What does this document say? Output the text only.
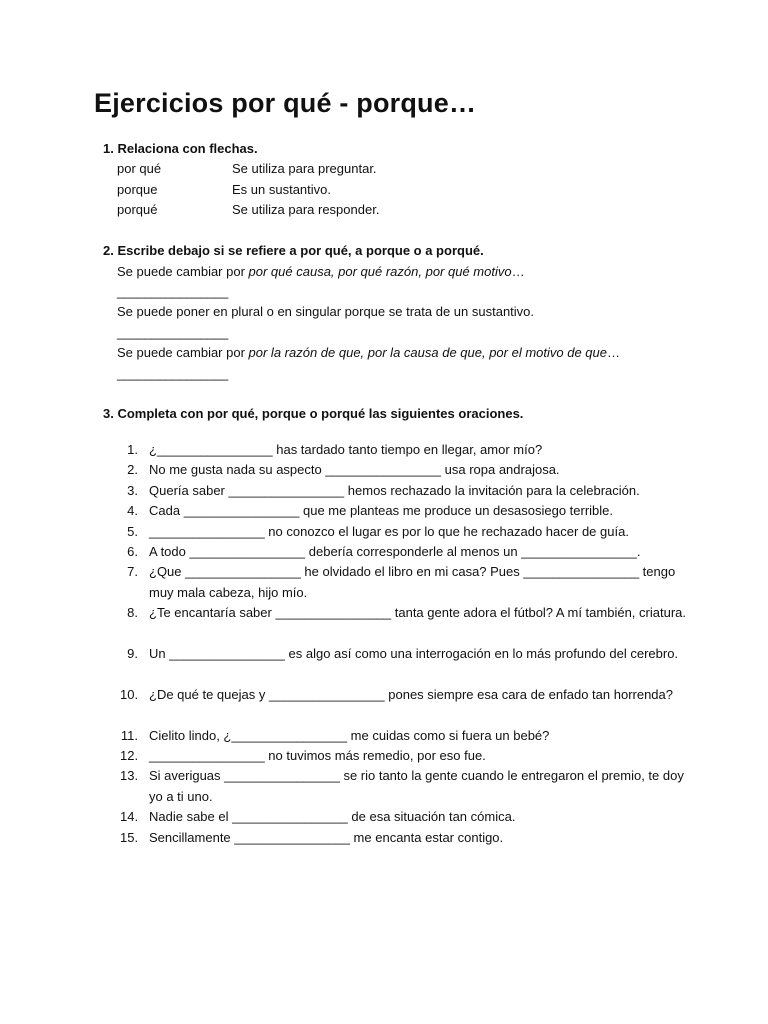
Ejercicios por qué - porque…
1. Relaciona con flechas.
por qué	Se utiliza para preguntar.
porque	Es un sustantivo.
porqué	Se utiliza para responder.
2. Escribe debajo si se refiere a por qué, a porque o a porqué.
Se puede cambiar por por qué causa, por qué razón, por qué motivo…
________________
Se puede poner en plural o en singular porque se trata de un sustantivo.
________________
Se puede cambiar por por la razón de que, por la causa de que, por el motivo de que…
________________
3. Completa con por qué, porque o porqué las siguientes oraciones.
1. ¿________________ has tardado tanto tiempo en llegar, amor mío?
2. No me gusta nada su aspecto ________________ usa ropa andrajosa.
3. Quería saber ________________ hemos rechazado la invitación para la celebración.
4. Cada ________________ que me planteas me produce un desasosiego terrible.
5. ________________ no conozco el lugar es por lo que he rechazado hacer de guía.
6. A todo ________________ debería corresponderle al menos un ________________.
7. ¿Que ________________ he olvidado el libro en mi casa? Pues ________________ tengo muy mala cabeza, hijo mío.
8. ¿Te encantaría saber ________________ tanta gente adora el fútbol? A mí también, criatura.
9. Un ________________ es algo así como una interrogación en lo más profundo del cerebro.
10. ¿De qué te quejas y ________________ pones siempre esa cara de enfado tan horrenda?
11. Cielito lindo, ¿________________ me cuidas como si fuera un bebé?
12. ________________ no tuvimos más remedio, por eso fue.
13. Si averiguas ________________ se rio tanto la gente cuando le entregaron el premio, te doy yo a ti uno.
14. Nadie sabe el ________________ de esa situación tan cómica.
15. Sencillamente ________________ me encanta estar contigo.
